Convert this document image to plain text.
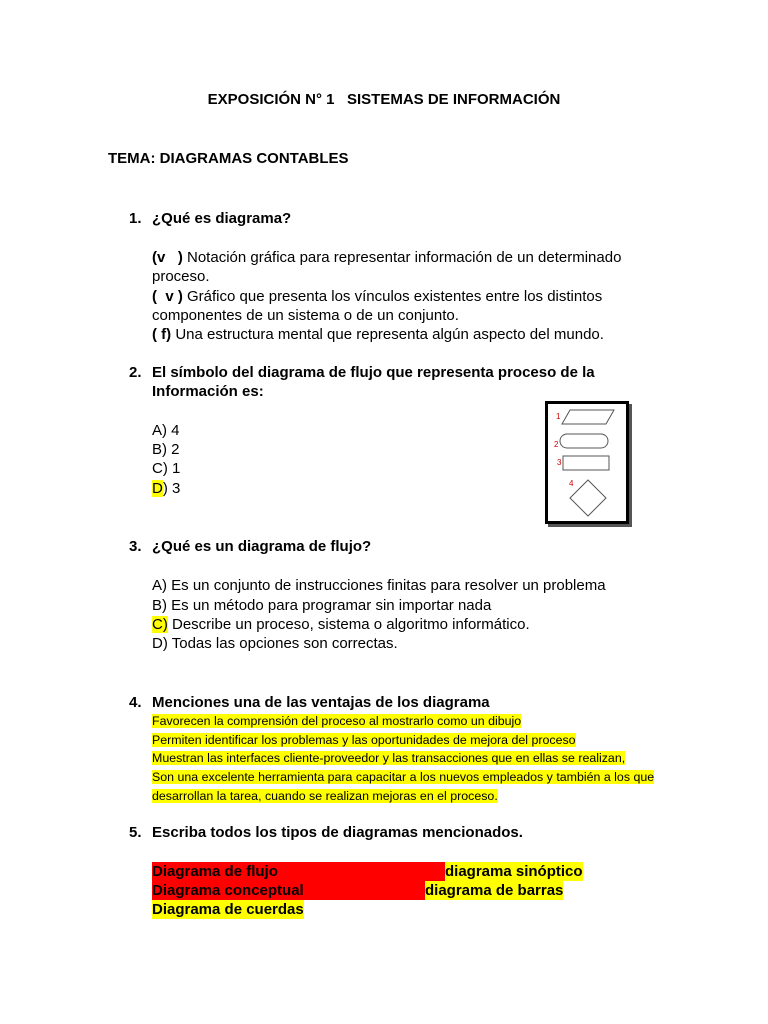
EXPOSICIÓN N° 1   SISTEMAS DE INFORMACIÓN
TEMA: DIAGRAMAS CONTABLES
1. ¿Qué es diagrama?
(v   ) Notación gráfica para representar información de un determinado
proceso.
(  v ) Gráfico que presenta los vínculos existentes entre los distintos
componentes de un sistema o de un conjunto.
( f) Una estructura mental que representa algún aspecto del mundo.
2. El símbolo del diagrama de flujo que representa proceso de la
Información es:
A) 4
B) 2
C) 1
D) 3
1
2
3
4
3. ¿Qué es un diagrama de flujo?
A) Es un conjunto de instrucciones finitas para resolver un problema
B) Es un método para programar sin importar nada
C) Describe un proceso, sistema o algoritmo informático.
D) Todas las opciones son correctas.
4. Menciones una de las ventajas de los diagrama
Favorecen la comprensión del proceso al mostrarlo como un dibujo
Permiten identificar los problemas y las oportunidades de mejora del proceso
Muestran las interfaces cliente-proveedor y las transacciones que en ellas se realizan,
Son una excelente herramienta para capacitar a los nuevos empleados y también a los que
desarrollan la tarea, cuando se realizan mejoras en el proceso.
5. Escriba todos los tipos de diagramas mencionados.
Diagrama de flujo	diagrama sinóptico
Diagrama conceptual	diagrama de barras
Diagrama de cuerdas
